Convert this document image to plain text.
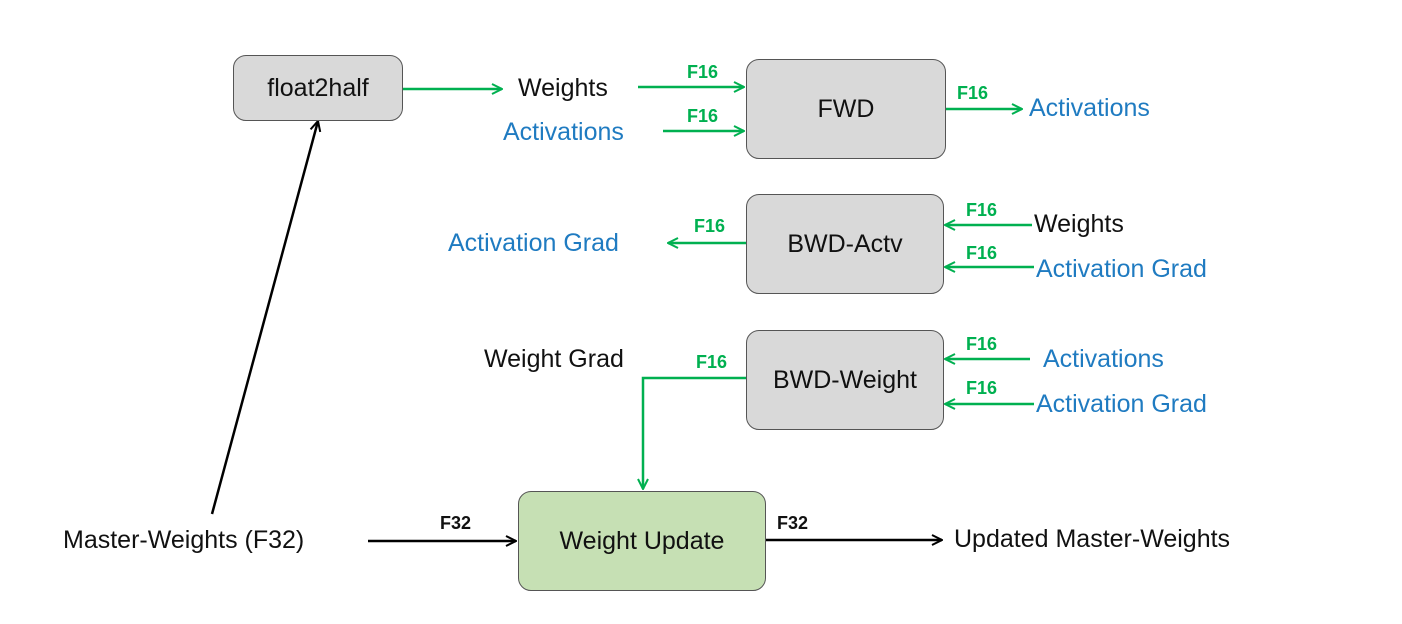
float2half
FWD
BWD-Actv
BWD-Weight
Weight Update
Weights
Activations
Activations
Activation Grad
Weights
Activation Grad
Weight Grad	Activations
Activation Grad
Master-Weights (F32)	Updated Master-Weights
F16
F16
F16
F16
F16
F16
F16
F16
F16
F32	F32
